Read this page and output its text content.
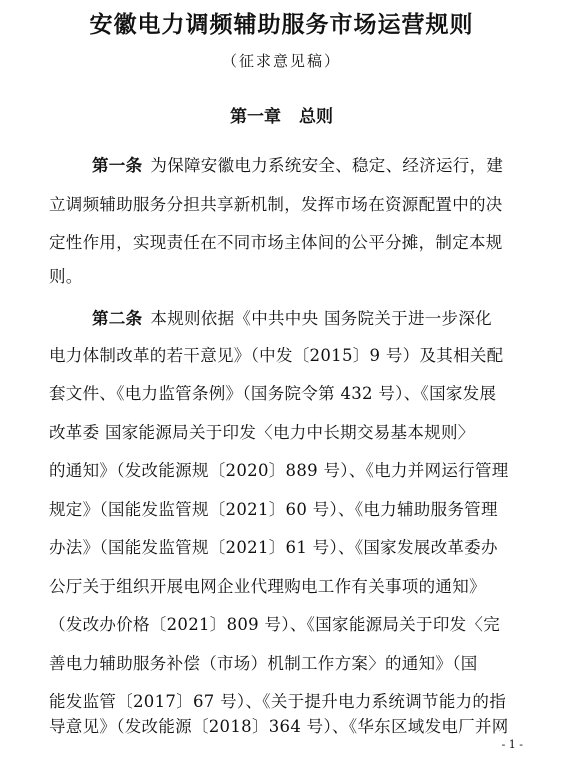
安徽电力调频辅助服务市场运营规则
（征求意见稿）
第一章 总则
第一条 为保障安徽电力系统安全、稳定、经济运行，建
立调频辅助服务分担共享新机制，发挥市场在资源配置中的决
定性作用，实现责任在不同市场主体间的公平分摊，制定本规
则。
第二条 本规则依据《中共中央 国务院关于进一步深化
电力体制改革的若干意见》（中发〔2015〕9 号）及其相关配
套文件、《电力监管条例》（国务院令第 432 号）、《国家发展
改革委 国家能源局关于印发〈电力中长期交易基本规则〉
的通知》（发改能源规〔2020〕889 号）、《电力并网运行管理
规定》（国能发监管规〔2021〕60 号）、《电力辅助服务管理
办法》（国能发监管规〔2021〕61 号）、《国家发展改革委办
公厅关于组织开展电网企业代理购电工作有关事项的通知》
（发改办价格〔2021〕809 号）、《国家能源局关于印发〈完
善电力辅助服务补偿（市场）机制工作方案〉的通知》（国
能发监管〔2017〕67 号）、《关于提升电力系统调节能力的指
导意见》（发改能源〔2018〕364 号）、《华东区域发电厂并网
- 1 -
